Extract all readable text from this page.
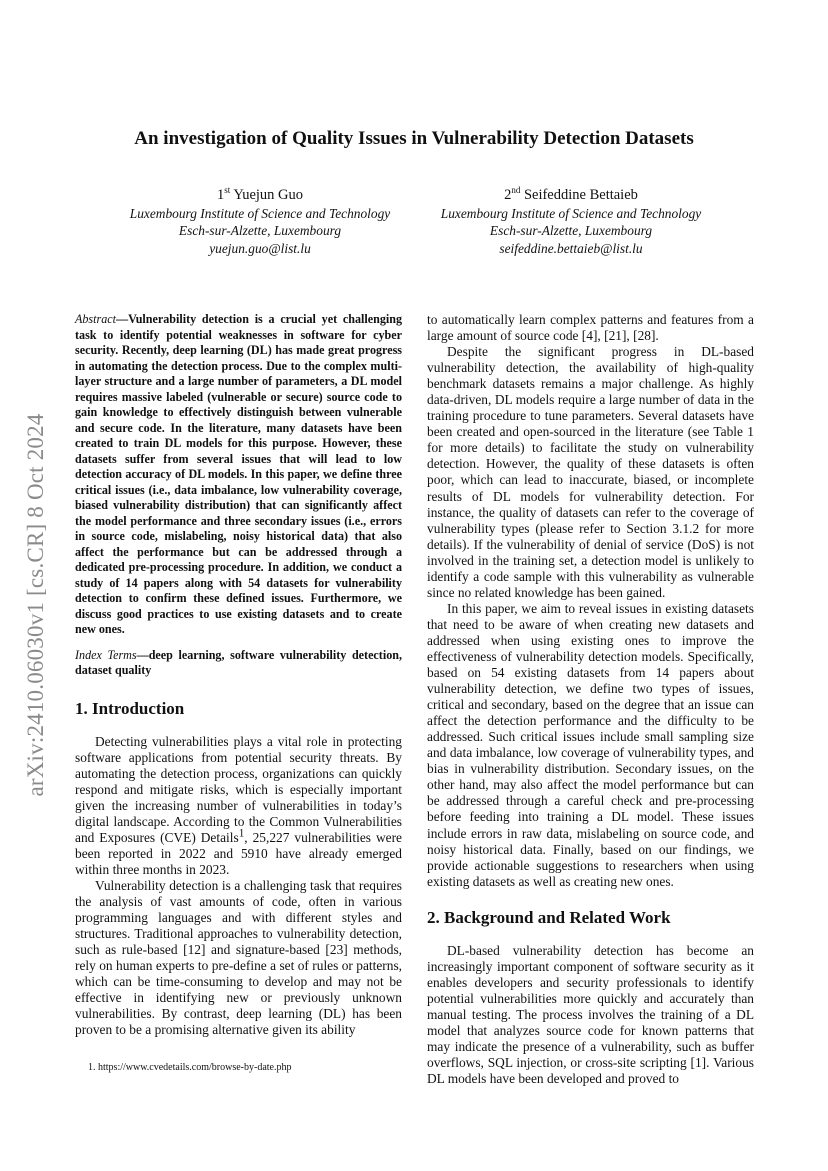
arXiv:2410.06030v1 [cs.CR] 8 Oct 2024
An investigation of Quality Issues in Vulnerability Detection Datasets
1st Yuejun Guo
Luxembourg Institute of Science and Technology
Esch-sur-Alzette, Luxembourg
yuejun.guo@list.lu
2nd Seifeddine Bettaieb
Luxembourg Institute of Science and Technology
Esch-sur-Alzette, Luxembourg
seifeddine.bettaieb@list.lu

Abstract—Vulnerability detection is a crucial yet challenging task to identify potential weaknesses in software for cyber security. Recently, deep learning (DL) has made great progress in automating the detection process. Due to the complex multi-layer structure and a large number of parameters, a DL model requires massive labeled (vulnerable or secure) source code to gain knowledge to effectively distinguish between vulnerable and secure code. In the literature, many datasets have been created to train DL models for this purpose. However, these datasets suffer from several issues that will lead to low detection accuracy of DL models. In this paper, we define three critical issues (i.e., data imbalance, low vulnerability coverage, biased vulnerability distribution) that can significantly affect the model performance and three secondary issues (i.e., errors in source code, mislabeling, noisy historical data) that also affect the performance but can be addressed through a dedicated pre-processing procedure. In addition, we conduct a study of 14 papers along with 54 datasets for vulnerability detection to confirm these defined issues. Furthermore, we discuss good practices to use existing datasets and to create new ones.

Index Terms—deep learning, software vulnerability detection, dataset quality

1. Introduction

Detecting vulnerabilities plays a vital role in protecting software applications from potential security threats. By automating the detection process, organizations can quickly respond and mitigate risks, which is especially important given the increasing number of vulnerabilities in today’s digital landscape. According to the Common Vulnerabilities and Exposures (CVE) Details$^1$, 25,227 vulnerabilities were been reported in 2022 and 5910 have already emerged within three months in 2023.

Vulnerability detection is a challenging task that requires the analysis of vast amounts of code, often in various programming languages and with different styles and structures. Traditional approaches to vulnerability detection, such as rule-based [12] and signature-based [23] methods, rely on human experts to pre-define a set of rules or patterns, which can be time-consuming to develop and may not be effective in identifying new or previously unknown vulnerabilities. By contrast, deep learning (DL) has been proven to be a promising alternative given its ability

to automatically learn complex patterns and features from a large amount of source code [4], [21], [28].

Despite the significant progress in DL-based vulnerability detection, the availability of high-quality benchmark datasets remains a major challenge. As highly data-driven, DL models require a large number of data in the training procedure to tune parameters. Several datasets have been created and open-sourced in the literature (see Table 1 for more details) to facilitate the study on vulnerability detection. However, the quality of these datasets is often poor, which can lead to inaccurate, biased, or incomplete results of DL models for vulnerability detection. For instance, the quality of datasets can refer to the coverage of vulnerability types (please refer to Section 3.1.2 for more details). If the vulnerability of denial of service (DoS) is not involved in the training set, a detection model is unlikely to identify a code sample with this vulnerability as vulnerable since no related knowledge has been gained.

In this paper, we aim to reveal issues in existing datasets that need to be aware of when creating new datasets and addressed when using existing ones to improve the effectiveness of vulnerability detection models. Specifically, based on 54 existing datasets from 14 papers about vulnerability detection, we define two types of issues, critical and secondary, based on the degree that an issue can affect the detection performance and the difficulty to be addressed. Such critical issues include small sampling size and data imbalance, low coverage of vulnerability types, and bias in vulnerability distribution. Secondary issues, on the other hand, may also affect the model performance but can be addressed through a careful check and pre-processing before feeding into training a DL model. These issues include errors in raw data, mislabeling on source code, and noisy historical data. Finally, based on our findings, we provide actionable suggestions to researchers when using existing datasets as well as creating new ones.

2. Background and Related Work

DL-based vulnerability detection has become an increasingly important component of software security as it enables developers and security professionals to identify potential vulnerabilities more quickly and accurately than manual testing. The process involves the training of a DL model that analyzes source code for known patterns that may indicate the presence of a vulnerability, such as buffer overflows, SQL injection, or cross-site scripting [1]. Various DL models have been developed and proved to

1. https://www.cvedetails.com/browse-by-date.php
